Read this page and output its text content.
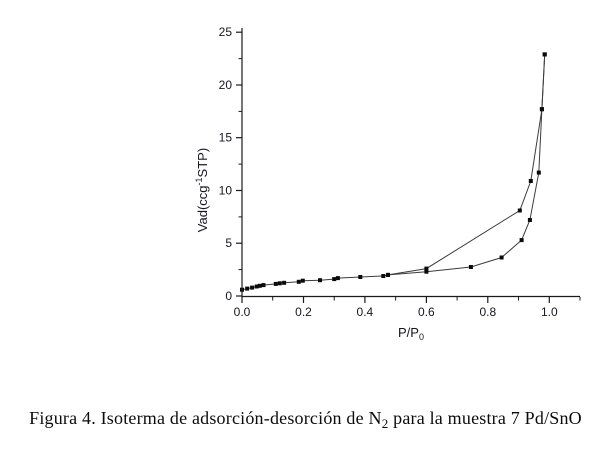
0.0	0.2	0.4	0.6	0.8	1.0
0
5
10
15
20
25
$P/P_0$
Vad(ccg$^{-1}$STP)
Figura 4. Isoterma de adsorción-desorción de $N_2$ para la muestra 7 Pd/SnO
